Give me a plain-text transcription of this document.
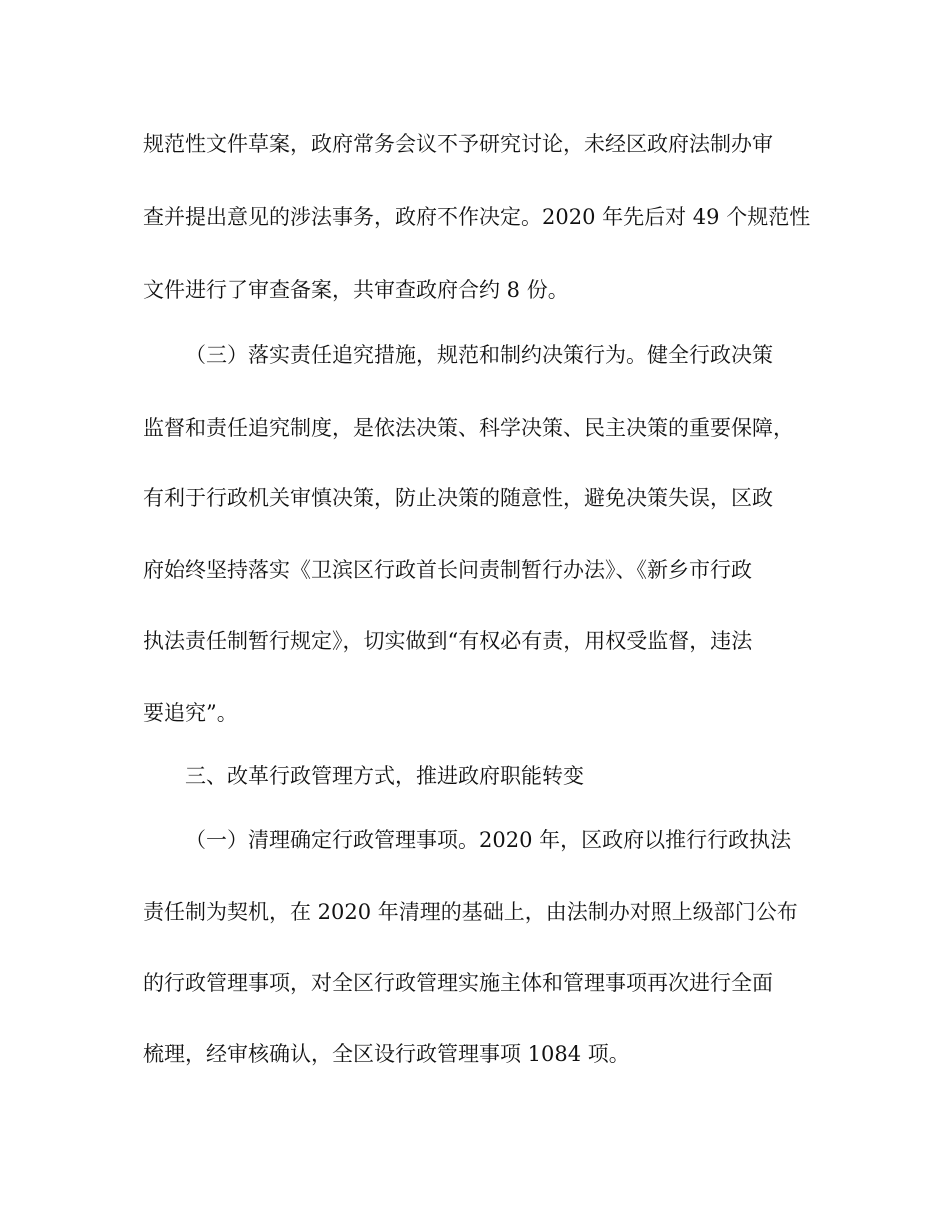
规范性文件草案，政府常务会议不予研究讨论，未经区政府法制办审
查并提出意见的涉法事务，政府不作决定。2020 年先后对 49 个规范性
文件进行了审查备案，共审查政府合约 8 份。
（三）落实责任追究措施，规范和制约决策行为。健全行政决策
监督和责任追究制度，是依法决策、科学决策、民主决策的重要保障，
有利于行政机关审慎决策，防止决策的随意性，避免决策失误，区政
府始终坚持落实《卫滨区行政首长问责制暂行办法》、《新乡市行政
执法责任制暂行规定》，切实做到“有权必有责，用权受监督，违法
要追究”。
三、改革行政管理方式，推进政府职能转变
（一）清理确定行政管理事项。2020 年，区政府以推行行政执法
责任制为契机，在 2020 年清理的基础上，由法制办对照上级部门公布
的行政管理事项，对全区行政管理实施主体和管理事项再次进行全面
梳理，经审核确认，全区设行政管理事项 1084 项。
